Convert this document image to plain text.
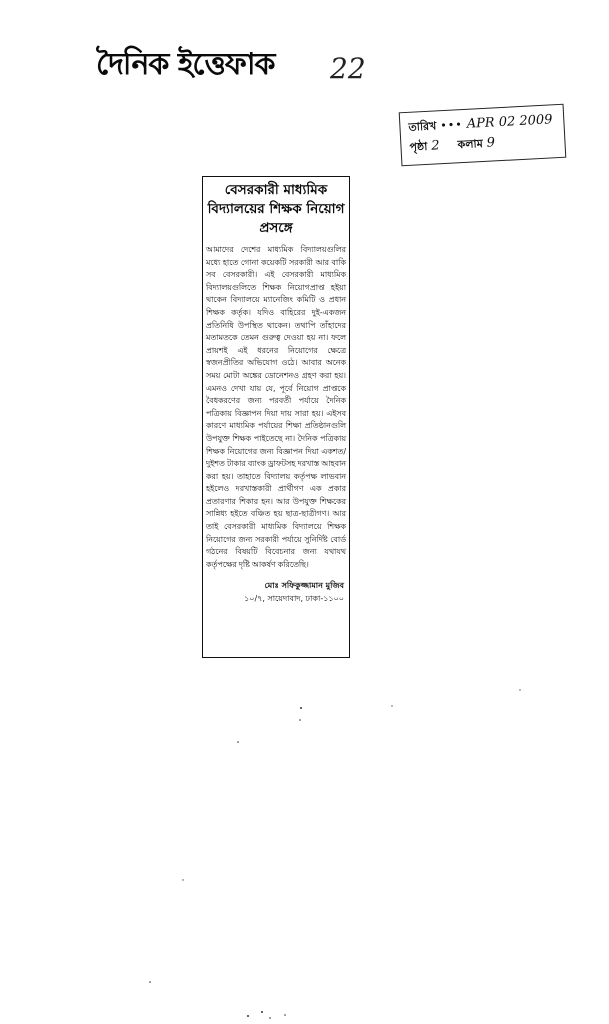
দৈনিক ইত্তেফাক 22
তারিখ ••• APR 02 2009
পৃষ্ঠা 2 কলাম 9
বেসরকারী মাধ্যমিক বিদ্যালয়ের শিক্ষক নিয়োগ প্রসঙ্গে

আমাদের দেশের মাধ্যমিক বিদ্যালয়গুলির মধ্যে হাতে গোনা কয়েকটি সরকারী আর বাকি সব বেসরকারী। এই বেসরকারী মাধ্যমিক বিদ্যালয়গুলিতে শিক্ষক নিয়োগপ্রাপ্ত হইয়া থাকেন বিদ্যালয়ে ম্যানেজিং কমিটি ও প্রধান শিক্ষক কর্তৃক। যদিও বাহিরের দুই-একজন প্রতিনিধি উপস্থিত থাকেন। তথাপি তাঁহাদের মতামতকে তেমন গুরুত্ব দেওয়া হয় না। ফলে প্রায়শই এই ধরনের নিয়োগের ক্ষেত্রে স্বজনপ্রীতির অভিযোগ ওঠে। আবার অনেক সময় মোটা অঙ্কের ডোনেশনও গ্রহণ করা হয়। এমনও দেখা যায় যে, পূর্বে নিয়োগ প্রাপ্তকে বৈধকরণের জন্য পরবর্তী পর্যায়ে দৈনিক পত্রিকায় বিজ্ঞাপন দিয়া দায় সারা হয়। এইসব কারণে মাধ্যমিক পর্যায়ের শিক্ষা প্রতিষ্ঠানগুলি উপযুক্ত শিক্ষক পাইতেছে না। দৈনিক পত্রিকায় শিক্ষক নিয়োগের জন্য বিজ্ঞাপন দিয়া একশত/দুইশত টাকার ব্যাংক ড্রাফটসহ দরখাস্ত আহবান করা হয়। তাহাতে বিদ্যালয় কর্তৃপক্ষ লাভবান হইলেও দরখাস্তকারী প্রার্থীগণ এক প্রকার প্রতারণার শিকার হন। আর উপযুক্ত শিক্ষকের সান্নিধ্য হইতে বঞ্চিত হয় ছাত্র-ছাত্রীগণ। আর তাই বেসরকারী মাধ্যমিক বিদ্যালয়ে শিক্ষক নিয়োগের জন্য সরকারী পর্যায়ে সুনির্দিষ্ট বোর্ড গঠনের বিষয়টি বিবেচনার জন্য যথাযথ কর্তৃপক্ষের দৃষ্টি আকর্ষণ করিতেছি।

মোঃ সফিকুজ্জামান মুজিব

১০/৭, সায়েদাবাদ, ঢাকা-১১০০
